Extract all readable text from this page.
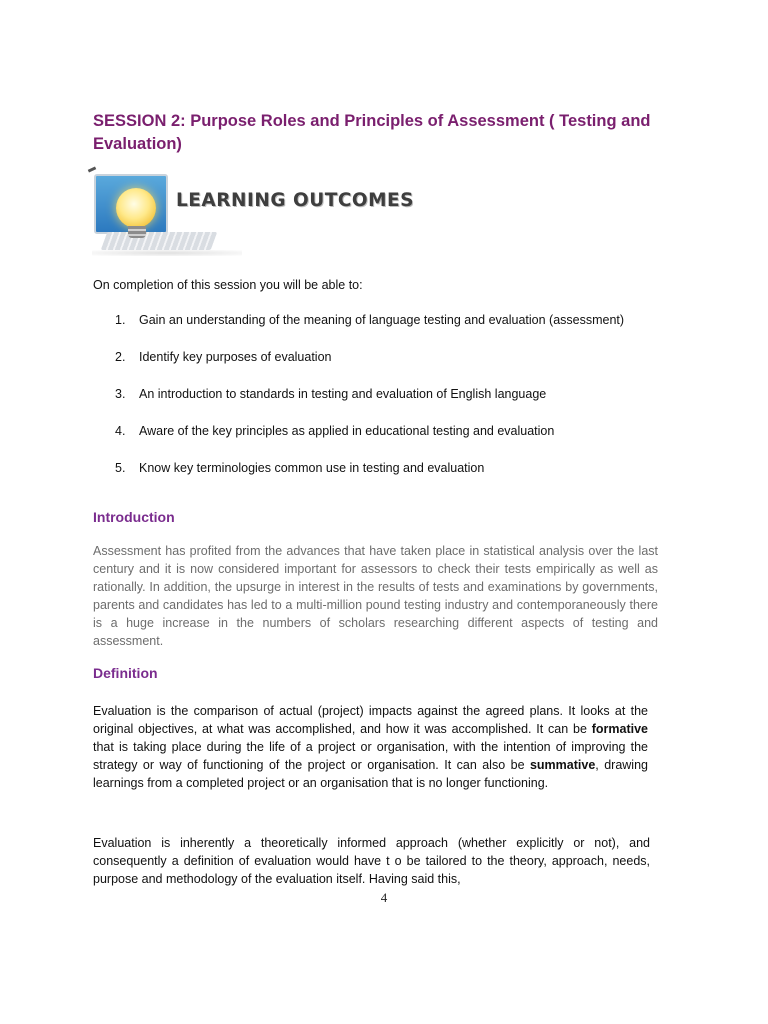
SESSION 2: Purpose Roles and Principles of Assessment ( Testing and Evaluation)
LEARNING OUTCOMES

On completion of this session you will be able to:

1. Gain an understanding of the meaning of language testing and evaluation (assessment)
2. Identify key purposes of evaluation
3. An introduction to standards in testing and evaluation of English language
4. Aware of the key principles as applied in educational testing and evaluation
5. Know key terminologies common use in testing and evaluation
Introduction

Assessment has profited from the advances that have taken place in statistical analysis over the last century and it is now considered important for assessors to check their tests empirically as well as rationally. In addition, the upsurge in interest in the results of tests and examinations by governments, parents and candidates has led to a multi-million pound testing industry and contemporaneously there is a huge increase in the numbers of scholars researching different aspects of testing and assessment.

Definition

Evaluation is the comparison of actual (project) impacts against the agreed plans. It looks at the original objectives, at what was accomplished, and how it was accomplished. It can be formative that is taking place during the life of a project or organisation, with the intention of improving the strategy or way of functioning of the project or organisation. It can also be summative, drawing learnings from a completed project or an organisation that is no longer functioning.

Evaluation is inherently a theoretically informed approach (whether explicitly or not), and consequently a definition of evaluation would have t o be tailored to the theory, approach, needs, purpose and methodology of the evaluation itself. Having said this,

4
